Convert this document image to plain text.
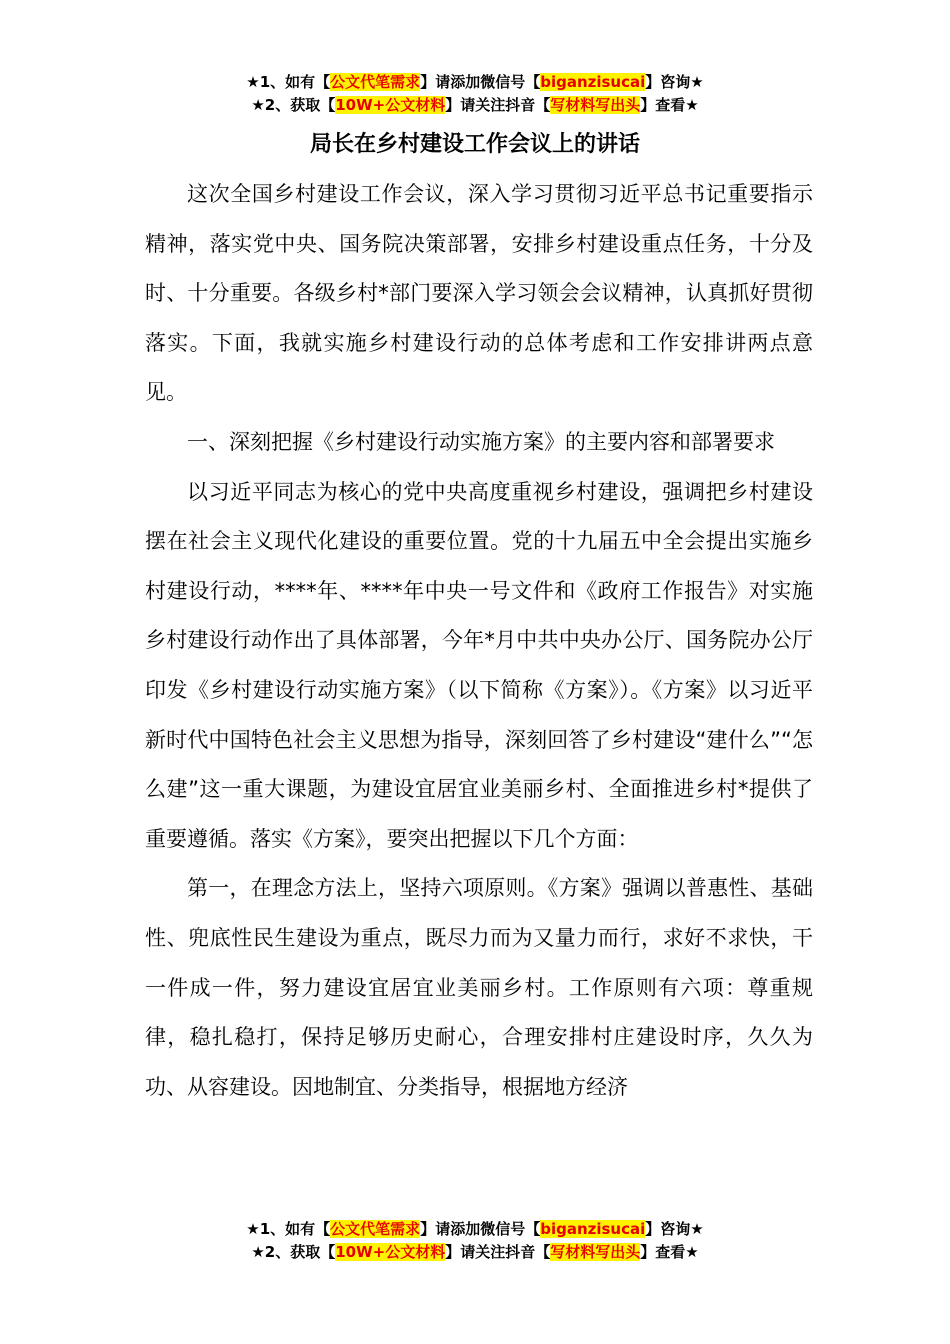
★1、如有【公文代笔需求】请添加微信号【biganzisucai】咨询★
★2、获取【10W+公文材料】请关注抖音【写材料写出头】查看★
局长在乡村建设工作会议上的讲话

这次全国乡村建设工作会议，深入学习贯彻习近平总书记重要指示精神，落实党中央、国务院决策部署，安排乡村建设重点任务，十分及时、十分重要。各级乡村*部门要深入学习领会会议精神，认真抓好贯彻落实。下面，我就实施乡村建设行动的总体考虑和工作安排讲两点意见。

一、深刻把握《乡村建设行动实施方案》的主要内容和部署要求

以习近平同志为核心的党中央高度重视乡村建设，强调把乡村建设摆在社会主义现代化建设的重要位置。党的十九届五中全会提出实施乡村建设行动，****年、****年中央一号文件和《政府工作报告》对实施乡村建设行动作出了具体部署，今年*月中共中央办公厅、国务院办公厅印发《乡村建设行动实施方案》（以下简称《方案》）。《方案》以习近平新时代中国特色社会主义思想为指导，深刻回答了乡村建设“建什么”“怎么建”这一重大课题，为建设宜居宜业美丽乡村、全面推进乡村*提供了重要遵循。落实《方案》，要突出把握以下几个方面：

第一，在理念方法上，坚持六项原则。《方案》强调以普惠性、基础性、兜底性民生建设为重点，既尽力而为又量力而行，求好不求快，干一件成一件，努力建设宜居宜业美丽乡村。工作原则有六项：尊重规律，稳扎稳打，保持足够历史耐心，合理安排村庄建设时序，久久为功、从容建设。因地制宜、分类指导，根据地方经济

★1、如有【公文代笔需求】请添加微信号【biganzisucai】咨询★
★2、获取【10W+公文材料】请关注抖音【写材料写出头】查看★
